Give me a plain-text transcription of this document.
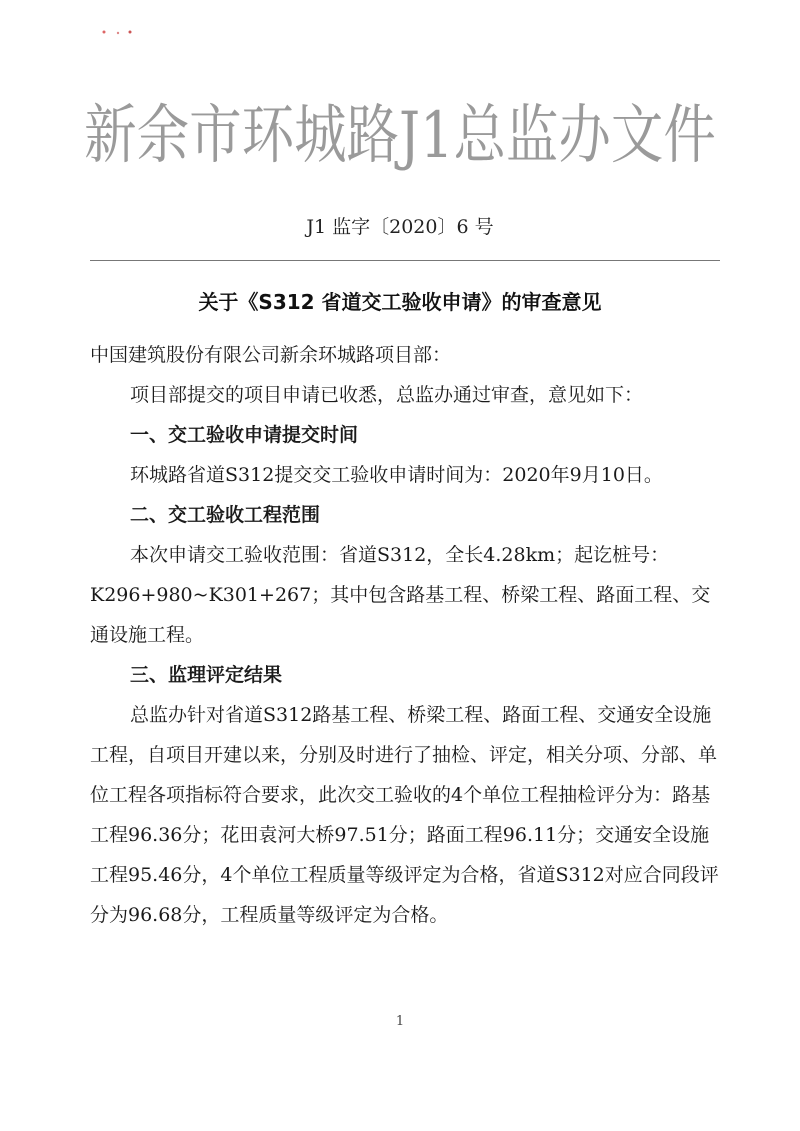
新余市环城路J1总监办文件
J1 监字〔2020〕6 号
关于《S312 省道交工验收申请》的审查意见

中国建筑股份有限公司新余环城路项目部：

项目部提交的项目申请已收悉，总监办通过审查，意见如下：

一、交工验收申请提交时间

环城路省道S312提交交工验收申请时间为：2020年9月10日。

二、交工验收工程范围

本次申请交工验收范围：省道S312，全长4.28km；起讫桩号：K296+980~K301+267；其中包含路基工程、桥梁工程、路面工程、交通设施工程。

三、监理评定结果

总监办针对省道S312路基工程、桥梁工程、路面工程、交通安全设施工程，自项目开建以来，分别及时进行了抽检、评定，相关分项、分部、单位工程各项指标符合要求，此次交工验收的4个单位工程抽检评分为：路基工程96.36分；花田袁河大桥97.51分；路面工程96.11分；交通安全设施工程95.46分，4个单位工程质量等级评定为合格，省道S312对应合同段评分为96.68分，工程质量等级评定为合格。

1
